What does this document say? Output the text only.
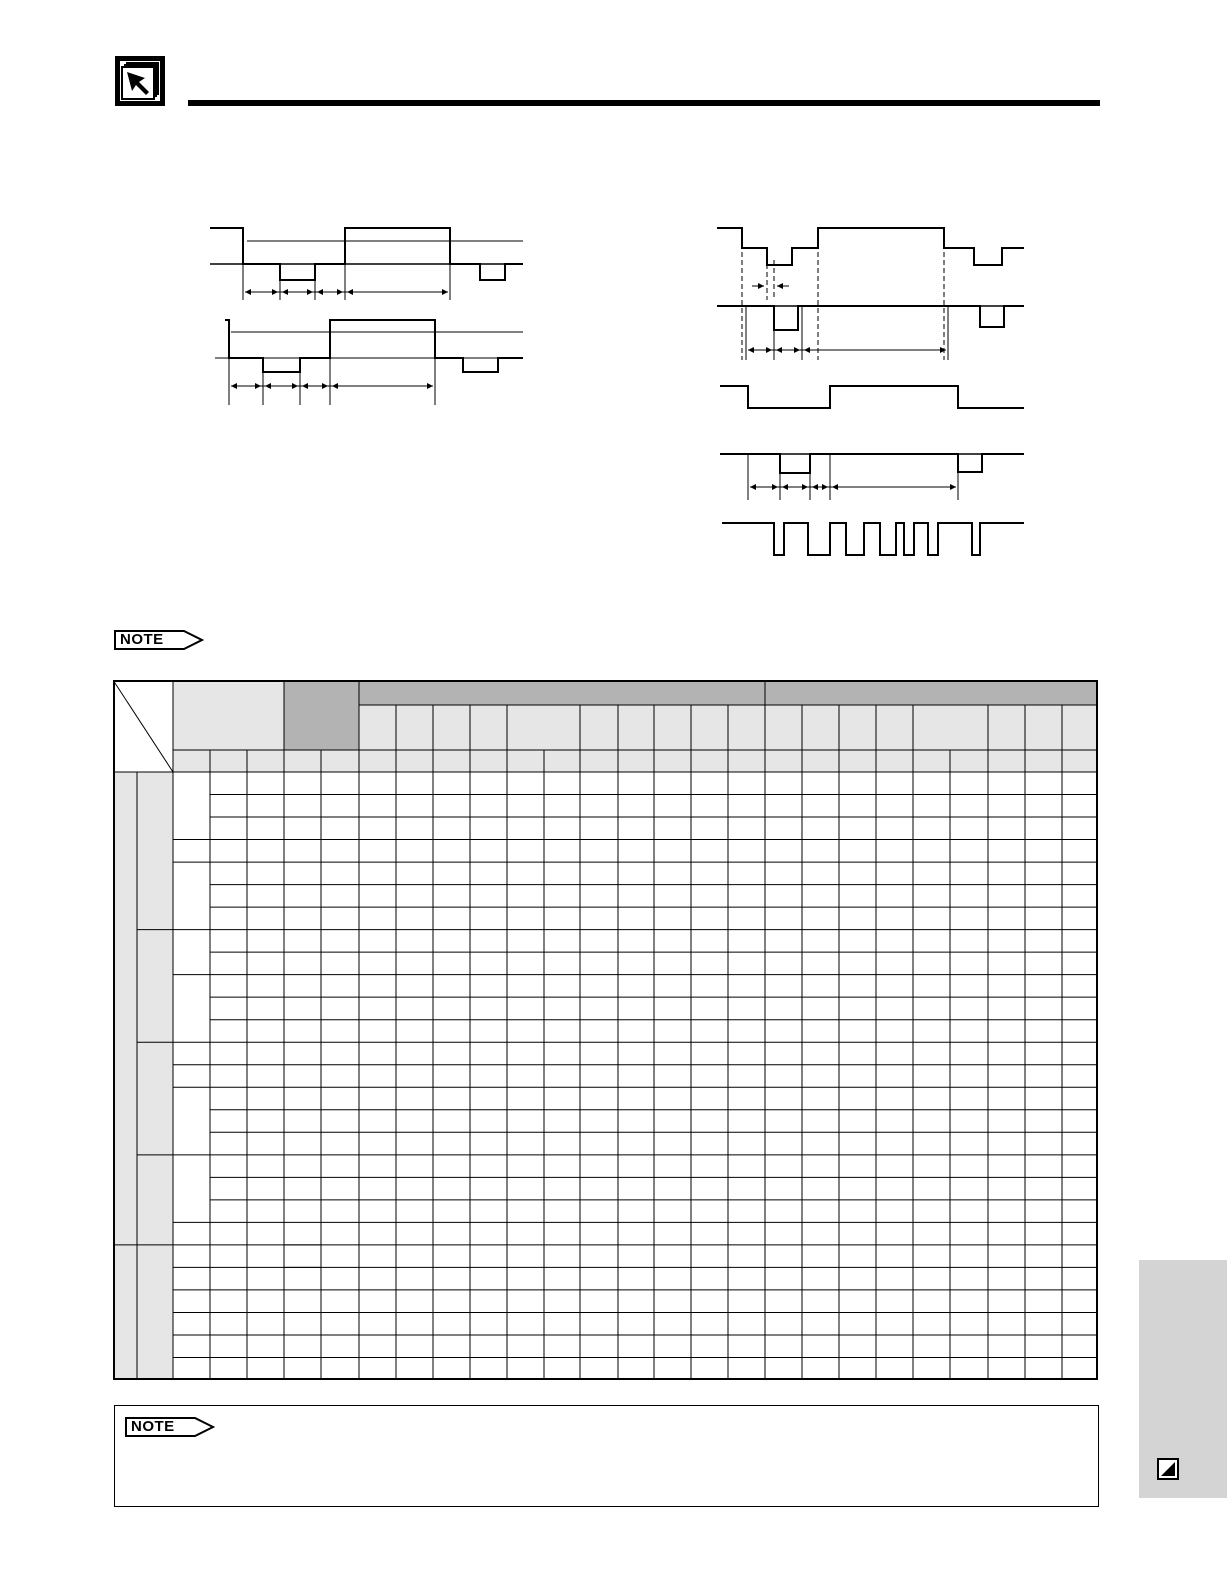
NOTE
NOTE
